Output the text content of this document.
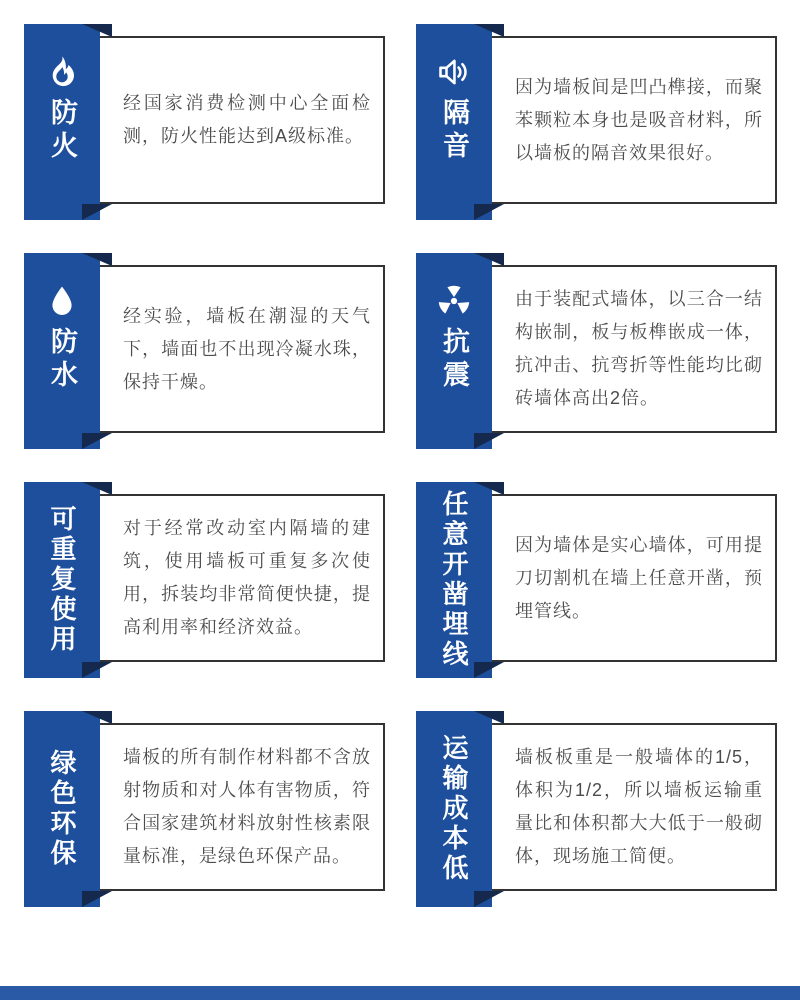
经国家消费检测中心全面检测，防火性能达到A级标准。

防火

因为墙板间是凹凸榫接，而聚苯颗粒本身也是吸音材料，所以墙板的隔音效果很好。

隔音

经实验，墙板在潮湿的天气下，墙面也不出现冷凝水珠，保持干燥。

防水

由于装配式墙体，以三合一结构嵌制，板与板榫嵌成一体，抗冲击、抗弯折等性能均比砌砖墙体高出2倍。

抗震

对于经常改动室内隔墙的建筑，使用墙板可重复多次使用，拆装均非常简便快捷，提高利用率和经济效益。

可重复使用	因为墙体是实心墙体，可用提刀切割机在墙上任意开凿，预埋管线。

任意开凿埋线

墙板的所有制作材料都不含放射物质和对人体有害物质，符合国家建筑材料放射性核素限量标准，是绿色环保产品。

绿色环保	墙板板重是一般墙体的1/5，体积为1/2，所以墙板运输重量比和体积都大大低于一般砌体，现场施工简便。

运输成本低
